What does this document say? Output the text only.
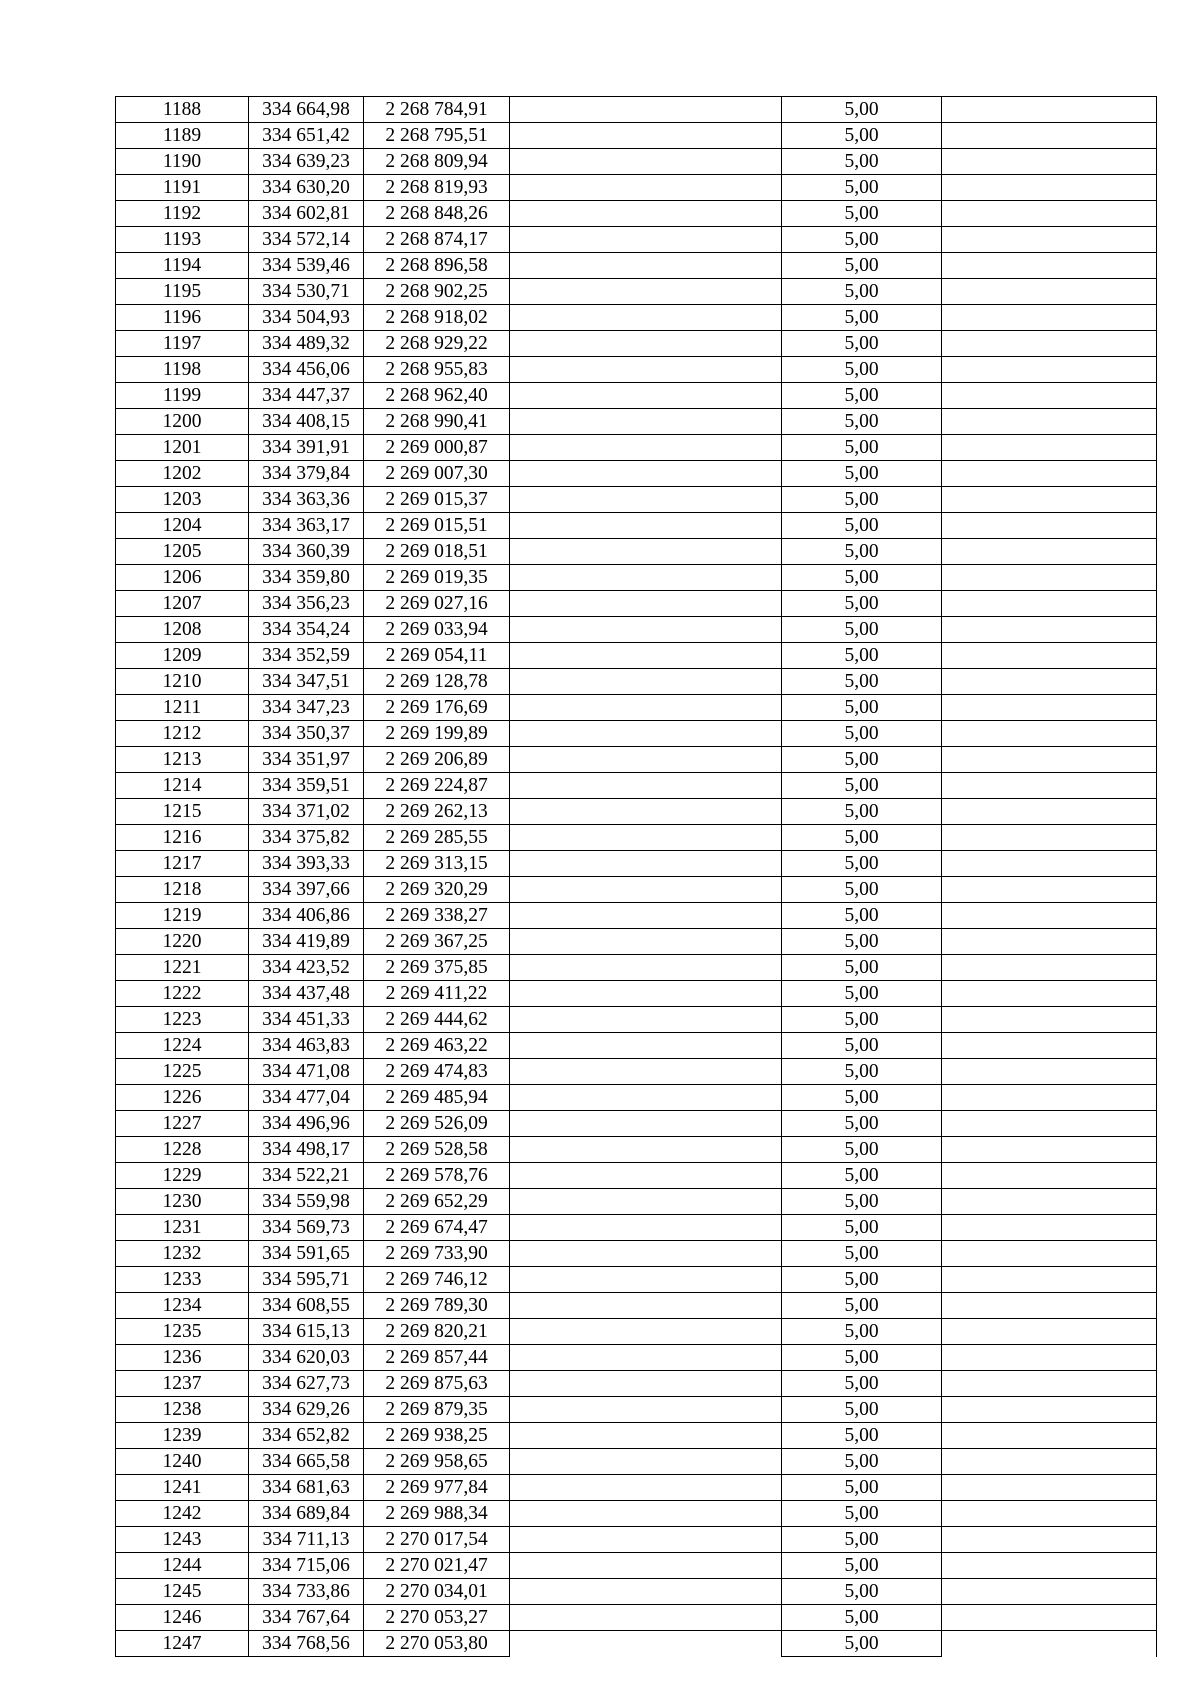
1188	334 664,98	2 268 784,91		5,00	
1189	334 651,42	2 268 795,51		5,00	
1190	334 639,23	2 268 809,94		5,00	
1191	334 630,20	2 268 819,93		5,00	
1192	334 602,81	2 268 848,26		5,00	
1193	334 572,14	2 268 874,17		5,00	
1194	334 539,46	2 268 896,58		5,00	
1195	334 530,71	2 268 902,25		5,00	
1196	334 504,93	2 268 918,02		5,00	
1197	334 489,32	2 268 929,22		5,00	
1198	334 456,06	2 268 955,83		5,00	
1199	334 447,37	2 268 962,40		5,00	
1200	334 408,15	2 268 990,41		5,00	
1201	334 391,91	2 269 000,87		5,00	
1202	334 379,84	2 269 007,30		5,00	
1203	334 363,36	2 269 015,37		5,00	
1204	334 363,17	2 269 015,51		5,00	
1205	334 360,39	2 269 018,51		5,00	
1206	334 359,80	2 269 019,35		5,00	
1207	334 356,23	2 269 027,16		5,00	
1208	334 354,24	2 269 033,94		5,00	
1209	334 352,59	2 269 054,11		5,00	
1210	334 347,51	2 269 128,78		5,00	
1211	334 347,23	2 269 176,69		5,00	
1212	334 350,37	2 269 199,89		5,00	
1213	334 351,97	2 269 206,89		5,00	
1214	334 359,51	2 269 224,87		5,00	
1215	334 371,02	2 269 262,13		5,00	
1216	334 375,82	2 269 285,55		5,00	
1217	334 393,33	2 269 313,15		5,00	
1218	334 397,66	2 269 320,29		5,00	
1219	334 406,86	2 269 338,27		5,00	
1220	334 419,89	2 269 367,25		5,00	
1221	334 423,52	2 269 375,85		5,00	
1222	334 437,48	2 269 411,22		5,00	
1223	334 451,33	2 269 444,62		5,00	
1224	334 463,83	2 269 463,22		5,00	
1225	334 471,08	2 269 474,83		5,00	
1226	334 477,04	2 269 485,94		5,00	
1227	334 496,96	2 269 526,09		5,00	
1228	334 498,17	2 269 528,58		5,00	
1229	334 522,21	2 269 578,76		5,00	
1230	334 559,98	2 269 652,29		5,00	
1231	334 569,73	2 269 674,47		5,00	
1232	334 591,65	2 269 733,90		5,00	
1233	334 595,71	2 269 746,12		5,00	
1234	334 608,55	2 269 789,30		5,00	
1235	334 615,13	2 269 820,21		5,00	
1236	334 620,03	2 269 857,44		5,00	
1237	334 627,73	2 269 875,63		5,00	
1238	334 629,26	2 269 879,35		5,00	
1239	334 652,82	2 269 938,25		5,00	
1240	334 665,58	2 269 958,65		5,00	
1241	334 681,63	2 269 977,84		5,00	
1242	334 689,84	2 269 988,34		5,00	
1243	334 711,13	2 270 017,54		5,00	
1244	334 715,06	2 270 021,47		5,00	
1245	334 733,86	2 270 034,01		5,00	
1246	334 767,64	2 270 053,27		5,00	
1247	334 768,56	2 270 053,80		5,00	
